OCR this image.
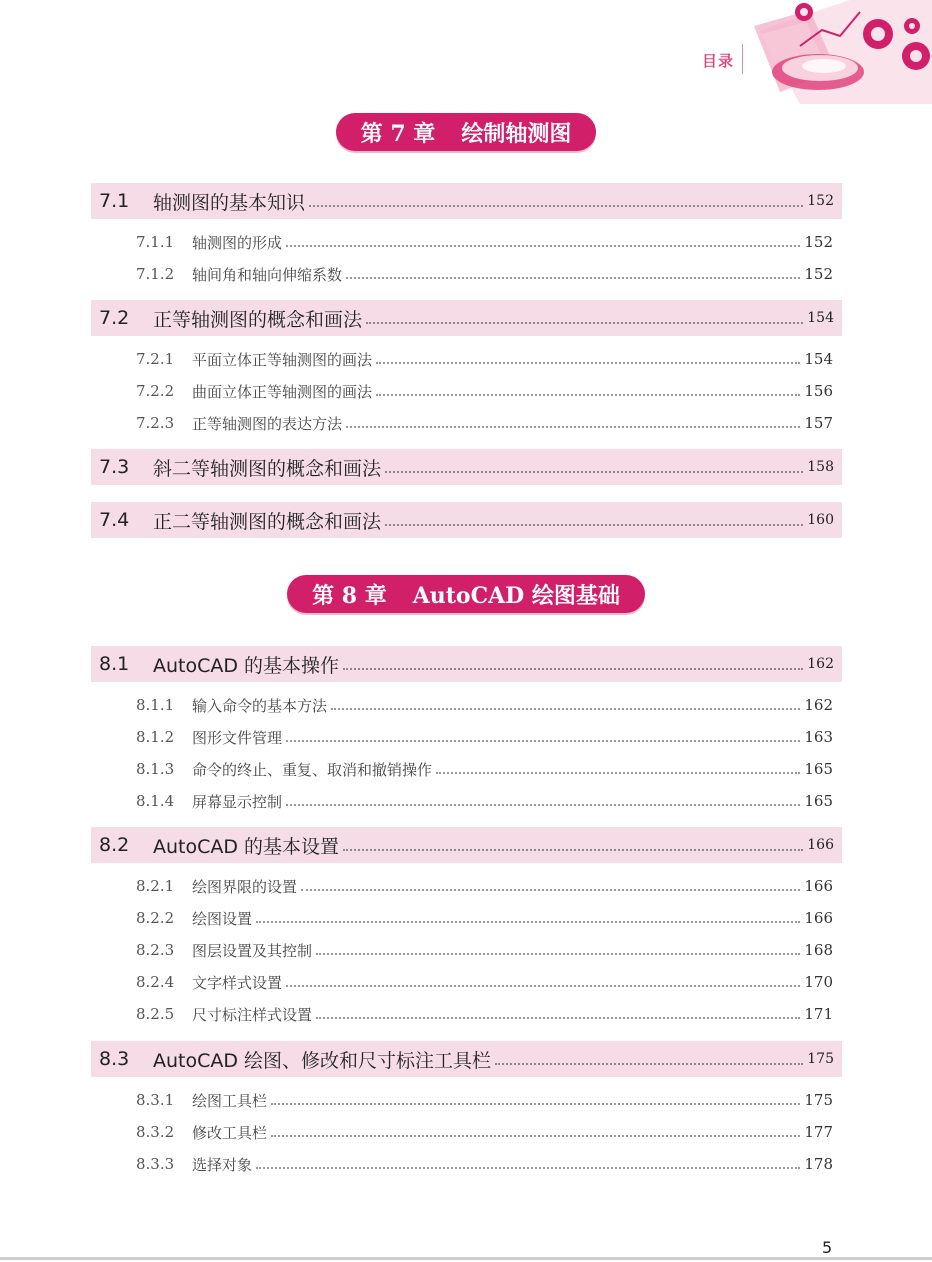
目录
第 7 章 绘制轴测图
7.1	轴测图的基本知识	152
7.1.1	轴测图的形成	152
7.1.2	轴间角和轴向伸缩系数	152
7.2	正等轴测图的概念和画法	154
7.2.1	平面立体正等轴测图的画法	154
7.2.2	曲面立体正等轴测图的画法	156
7.2.3	正等轴测图的表达方法	157
7.3	斜二等轴测图的概念和画法	158
7.4	正二等轴测图的概念和画法	160
第 8 章 AutoCAD 绘图基础
8.1	AutoCAD 的基本操作	162
8.1.1	输入命令的基本方法	162
8.1.2	图形文件管理	163
8.1.3	命令的终止、重复、取消和撤销操作	165
8.1.4	屏幕显示控制	165
8.2	AutoCAD 的基本设置	166
8.2.1	绘图界限的设置	166
8.2.2	绘图设置	166
8.2.3	图层设置及其控制	168
8.2.4	文字样式设置	170
8.2.5	尺寸标注样式设置	171
8.3	AutoCAD 绘图、修改和尺寸标注工具栏	175
8.3.1	绘图工具栏	175
8.3.2	修改工具栏	177
8.3.3	选择对象	178
5
